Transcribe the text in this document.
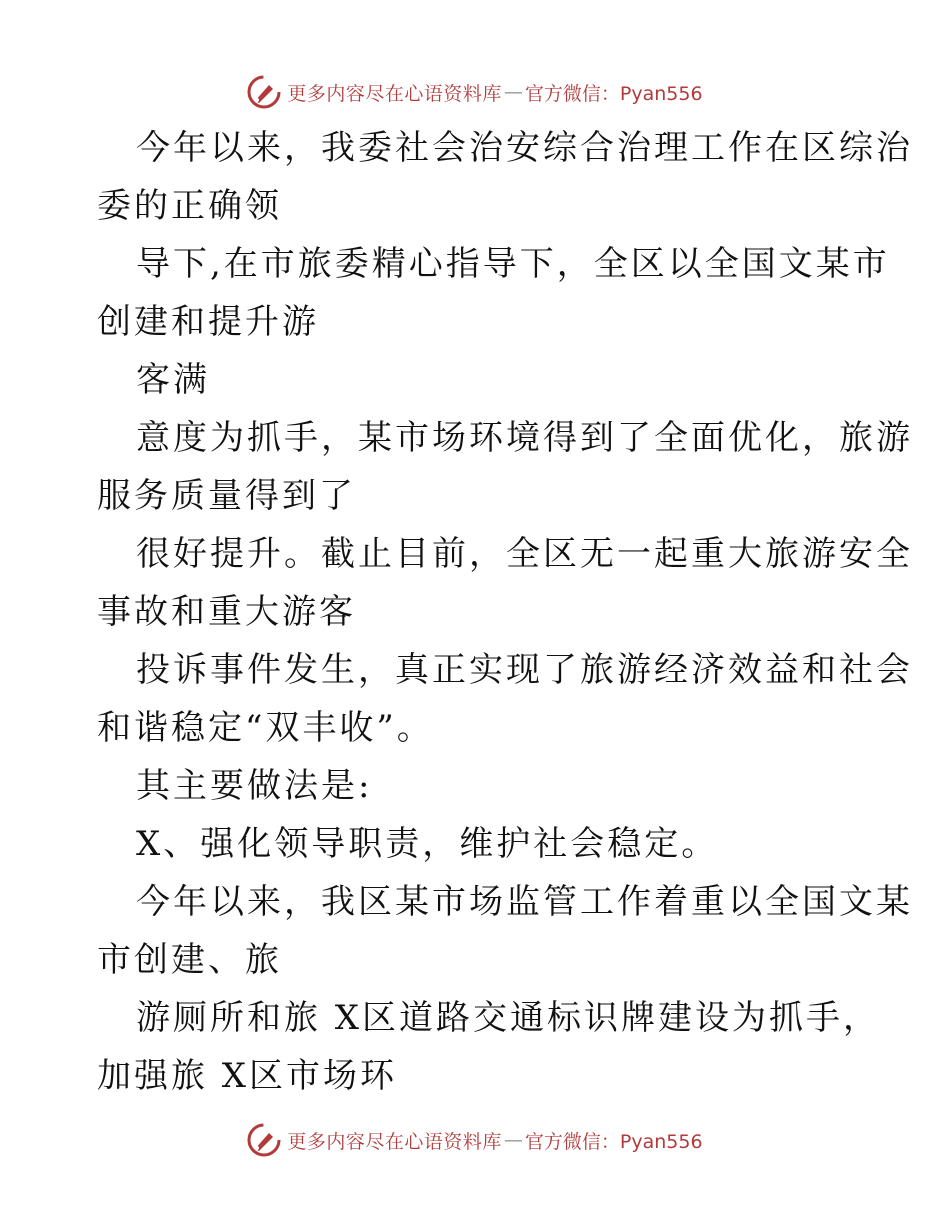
更多内容尽在心语资料库 — 官方微信：Pyan556
今年以来，我委社会治安综合治理工作在区综治
委的正确领
导下,在市旅委精心指导下，全区以全国文某市
创建和提升游
客满
意度为抓手，某市场环境得到了全面优化，旅游
服务质量得到了
很好提升。截止目前，全区无一起重大旅游安全
事故和重大游客
投诉事件发生，真正实现了旅游经济效益和社会
和谐稳定“双丰收”。
其主要做法是:
X、强化领导职责，维护社会稳定。
今年以来，我区某市场监管工作着重以全国文某
市创建、旅
游厕所和旅 X区道路交通标识牌建设为抓手，
加强旅 X区市场环
更多内容尽在心语资料库 — 官方微信：Pyan556
